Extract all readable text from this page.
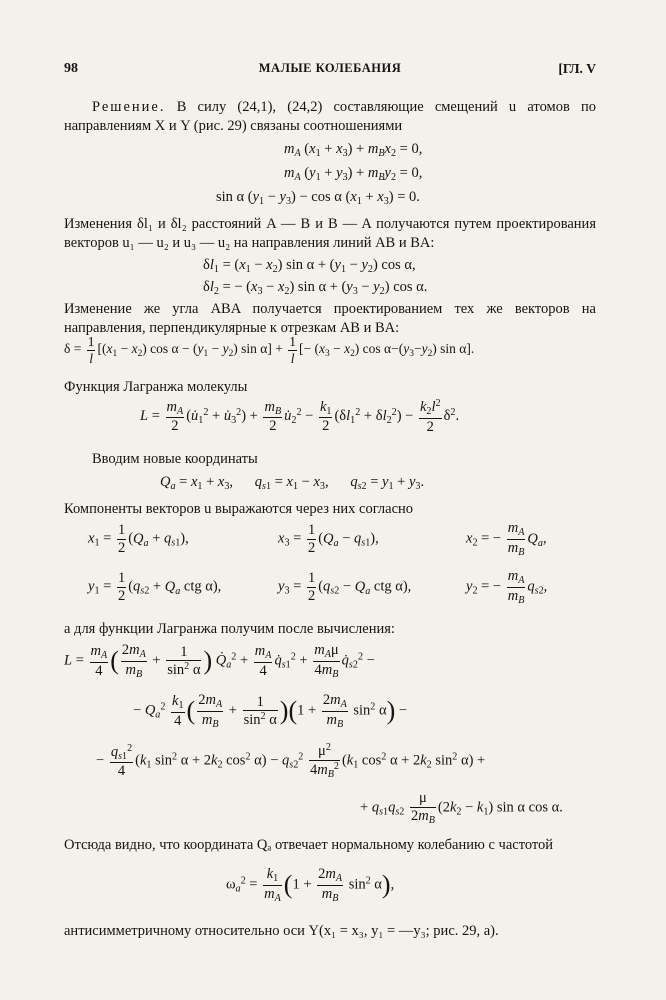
98	МАЛЫЕ КОЛЕБАНИЯ	[ГЛ. V
Решение. В силу (24,1), (24,2) составляющие смещений u атомов по направлениям X и Y (рис. 29) связаны соотношениями
$m_A$ $(x_1 + x_3) + m_Bx_2 = 0$,
$m_A$ $(y_1 + y_3) + m_By_2 = 0$,
sin α $(y_1 - y_3) - \cos \alpha$ $(x_1 + x_3) = 0$.
Изменения δl₁ и δl₂ расстояний A — B и B — A получаются путем проектирования векторов u₁ — u₂ и u₃ — u₂ на направления линий AB и BA:
$\delta l_1 = (x_1 - x_2)$ $\sin \alpha + (y_1 - y_2)$ cos α,
$\delta l_2$ = − $(x_3 - x_2)$ $\sin \alpha + (y_3 - y_2)$ cos α.
Изменение же угла ABA получается проектированием тех же векторов на направления, перпендикулярные к отрезкам AB и BA:
$\delta = \frac{1}{l} [(x_1 - x_2)$ $\cos \alpha - (y_1 - y_2)$ $\sin \alpha] + \frac{1}{l}$ [− $(x_3 - x_2)$ $\cos \alpha-(y_3-y_2)$ sin α].
Функция Лагранжа молекулы
$L = \frac{m_A}{2}$ ($u̇_1^2$ + $u̇_3^2) + \frac{m_B}{2}$ $u̇_2^2 - \frac{k_1}{2} (\delta l_1^2 + \delta l_2^2) - \frac{k_2l^2}{2} \delta^2$.
Вводим новые координаты
$Q_a = x_1 + x_3$,      $q_{s1} = x_1 - x_3$,      $q_{s2} = y_1 + y_3$.
Компоненты векторов u выражаются через них согласно
$x_1 = \frac{1}{2} (Q_a + q_{s1})$,	$x_3 = \frac{1}{2} (Q_a - q_{s1})$,	$x_2$ = − $\frac{m_A}{m_B} Q_a$,
$y_1 = \frac{1}{2} (q_{s2} + Q_a$ ctg α),	$y_3 = \frac{1}{2} (q_{s2} - Q_a$ ctg α),	$y_2$ = − $\frac{m_A}{m_B} q_{s2}$,
а для функции Лагранжа получим после вычисления:
$L = \frac{m_A}{4}$ ( $\frac{2m_A}{m_B} + \frac{1}{\sin^2 \alpha}$ ) $Q̇_a^2 + \frac{m_A}{4}$ $q̇_{s1}^2 + \frac{m_A\mu}{4m_B}$ $q̇_{s2}^2$ −
− $Q_a^2 \frac{k_1}{4}$ ( $\frac{2m_A}{m_B} + \frac{1}{\sin^2 \alpha} )(1 + \frac{2m_A}{m_B} \sin^2 \alpha)$ −
− $\frac{q_{s1}^2}{4} (k_1$ $\sin^2 \alpha + 2k_2$ $\cos^2 \alpha) - q_{s2}^2 \frac{\mu^2}{4m_B^2} (k_1$ $\cos^2 \alpha + 2k_2$ $\sin^2 \alpha$) +
+ $q_{s1}q_{s2} \frac{\mu}{2m_B} (2k_2 - k_1)$ sin α cos α.
Отсюда видно, что координата Qₐ отвечает нормальному колебанию с частотой
$\omega_a^2 = \frac{k_1}{m_A} (1 + \frac{2m_A}{m_B} \sin^2 \alpha)$,
антисимметричному относительно оси Y(x₁ = x₃, y₁ = —y₃; рис. 29, a).
